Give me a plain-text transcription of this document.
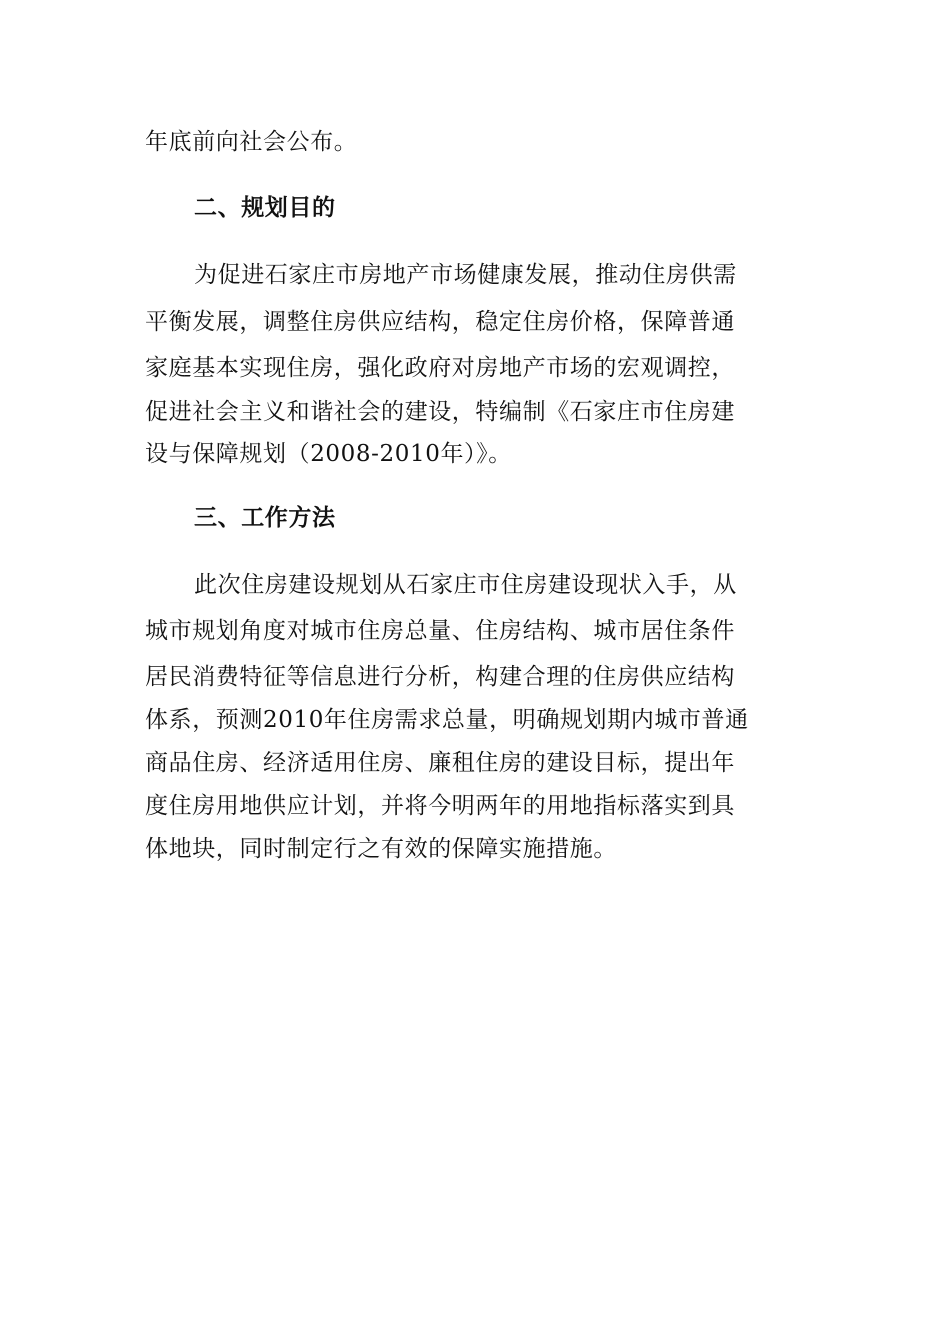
年底前向社会公布。
二、规划目的
为促进石家庄市房地产市场健康发展，推动住房供需
平衡发展，调整住房供应结构，稳定住房价格，保障普通
家庭基本实现住房，强化政府对房地产市场的宏观调控，
促进社会主义和谐社会的建设，特编制《石家庄市住房建
设与保障规划（2008-2010年）》。
三、工作方法
此次住房建设规划从石家庄市住房建设现状入手，从
城市规划角度对城市住房总量、住房结构、城市居住条件
居民消费特征等信息进行分析，构建合理的住房供应结构
体系，预测2010年住房需求总量，明确规划期内城市普通
商品住房、经济适用住房、廉租住房的建设目标，提出年
度住房用地供应计划，并将今明两年的用地指标落实到具
体地块，同时制定行之有效的保障实施措施。
